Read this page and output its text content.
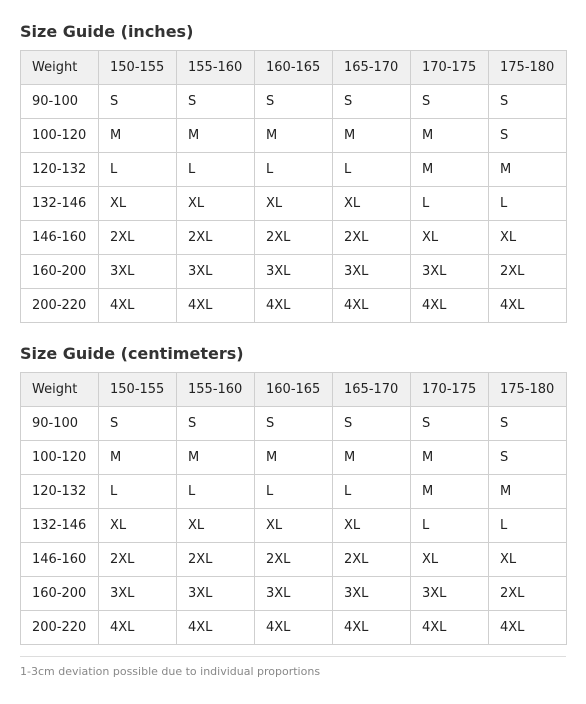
Size Guide (inches)
Weight	150-155	155-160	160-165	165-170	170-175	175-180
90-100	S	S	S	S	S	S
100-120	M	M	M	M	M	S
120-132	L	L	L	L	M	M
132-146	XL	XL	XL	XL	L	L
146-160	2XL	2XL	2XL	2XL	XL	XL
160-200	3XL	3XL	3XL	3XL	3XL	2XL
200-220	4XL	4XL	4XL	4XL	4XL	4XL
Size Guide (centimeters)
Weight	150-155	155-160	160-165	165-170	170-175	175-180
90-100	S	S	S	S	S	S
100-120	M	M	M	M	M	S
120-132	L	L	L	L	M	M
132-146	XL	XL	XL	XL	L	L
146-160	2XL	2XL	2XL	2XL	XL	XL
160-200	3XL	3XL	3XL	3XL	3XL	2XL
200-220	4XL	4XL	4XL	4XL	4XL	4XL
1-3cm deviation possible due to individual proportions
